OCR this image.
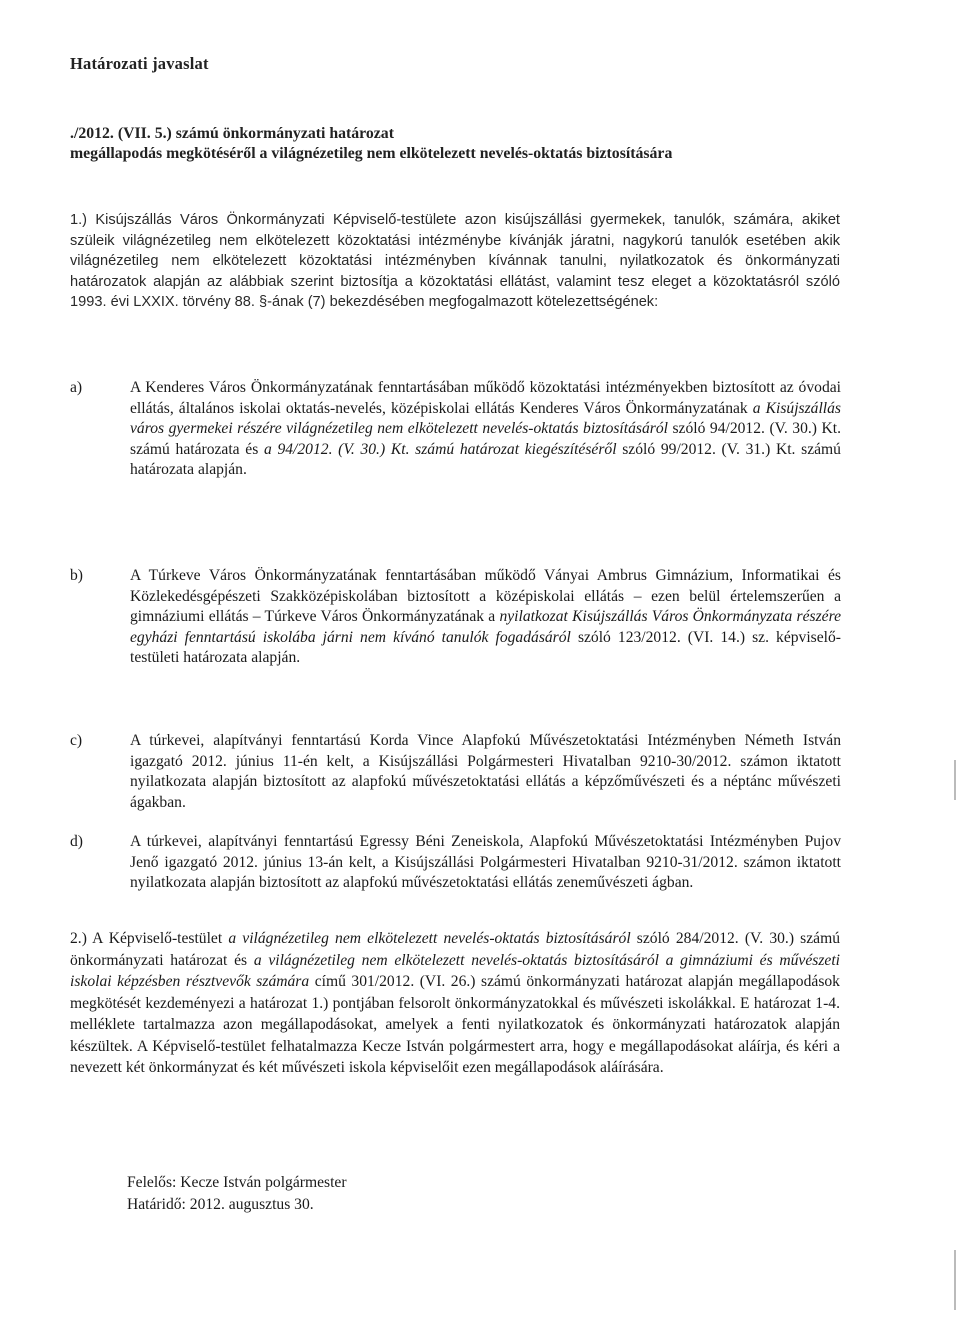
Határozati javaslat
./2012. (VII. 5.) számú önkormányzati határozat
megállapodás megkötéséről a világnézetileg nem elkötelezett nevelés-oktatás biztosítására
1.) Kisújszállás Város Önkormányzati Képviselő-testülete azon kisújszállási gyermekek, tanulók, számára, akiket szüleik világnézetileg nem elkötelezett közoktatási intézménybe kívánják járatni, nagykorú tanulók esetében akik világnézetileg nem elkötelezett közoktatási intézményben kívánnak tanulni, nyilatkozatok és önkormányzati határozatok alapján az alábbiak szerint biztosítja a közoktatási ellátást, valamint tesz eleget a közoktatásról szóló 1993. évi LXXIX. törvény 88. §-ának (7) bekezdésében megfogalmazott kötelezettségének:
a)	A Kenderes Város Önkormányzatának fenntartásában működő közoktatási intézményekben biztosított az óvodai ellátás, általános iskolai oktatás-nevelés, középiskolai ellátás Kenderes Város Önkormányzatának a Kisújszállás város gyermekei részére világnézetileg nem elkötelezett nevelés-oktatás biztosításáról szóló 94/2012. (V. 30.) Kt. számú határozata és a 94/2012. (V. 30.) Kt. számú határozat kiegészítéséről szóló 99/2012. (V. 31.) Kt. számú határozata alapján.
b)	A Túrkeve Város Önkormányzatának fenntartásában működő Ványai Ambrus Gimnázium, Informatikai és Közlekedésgépészeti Szakközépiskolában biztosított a középiskolai ellátás – ezen belül értelemszerűen a gimnáziumi ellátás – Túrkeve Város Önkormányzatának a nyilatkozat Kisújszállás Város Önkormányzata részére egyházi fenntartású iskolába járni nem kívánó tanulók fogadásáról szóló 123/2012. (VI. 14.) sz. képviselő-testületi határozata alapján.
c)	A túrkevei, alapítványi fenntartású Korda Vince Alapfokú Művészetoktatási Intézményben Németh István igazgató 2012. június 11-én kelt, a Kisújszállási Polgármesteri Hivatalban 9210-30/2012. számon iktatott nyilatkozata alapján biztosított az alapfokú művészetoktatási ellátás a képzőművészeti és a néptánc művészeti ágakban.
d)	A túrkevei, alapítványi fenntartású Egressy Béni Zeneiskola, Alapfokú Művészetoktatási Intézményben Pujov Jenő igazgató 2012. június 13-án kelt, a Kisújszállási Polgármesteri Hivatalban 9210-31/2012. számon iktatott nyilatkozata alapján biztosított az alapfokú művészetoktatási ellátás zeneművészeti ágban.
2.) A Képviselő-testület a világnézetileg nem elkötelezett nevelés-oktatás biztosításáról szóló 284/2012. (V. 30.) számú önkormányzati határozat és a világnézetileg nem elkötelezett nevelés-oktatás biztosításáról a gimnáziumi és művészeti iskolai képzésben résztvevők számára című 301/2012. (VI. 26.) számú önkormányzati határozat alapján megállapodások megkötését kezdeményezi a határozat 1.) pontjában felsorolt önkormányzatokkal és művészeti iskolákkal. E határozat 1-4. melléklete tartalmazza azon megállapodásokat, amelyek a fenti nyilatkozatok és önkormányzati határozatok alapján készültek. A Képviselő-testület felhatalmazza Kecze István polgármestert arra, hogy e megállapodásokat aláírja, és kéri a nevezett két önkormányzat és két művészeti iskola képviselőit ezen megállapodások aláírására.
Felelős: Kecze István polgármester
Határidő: 2012. augusztus 30.
